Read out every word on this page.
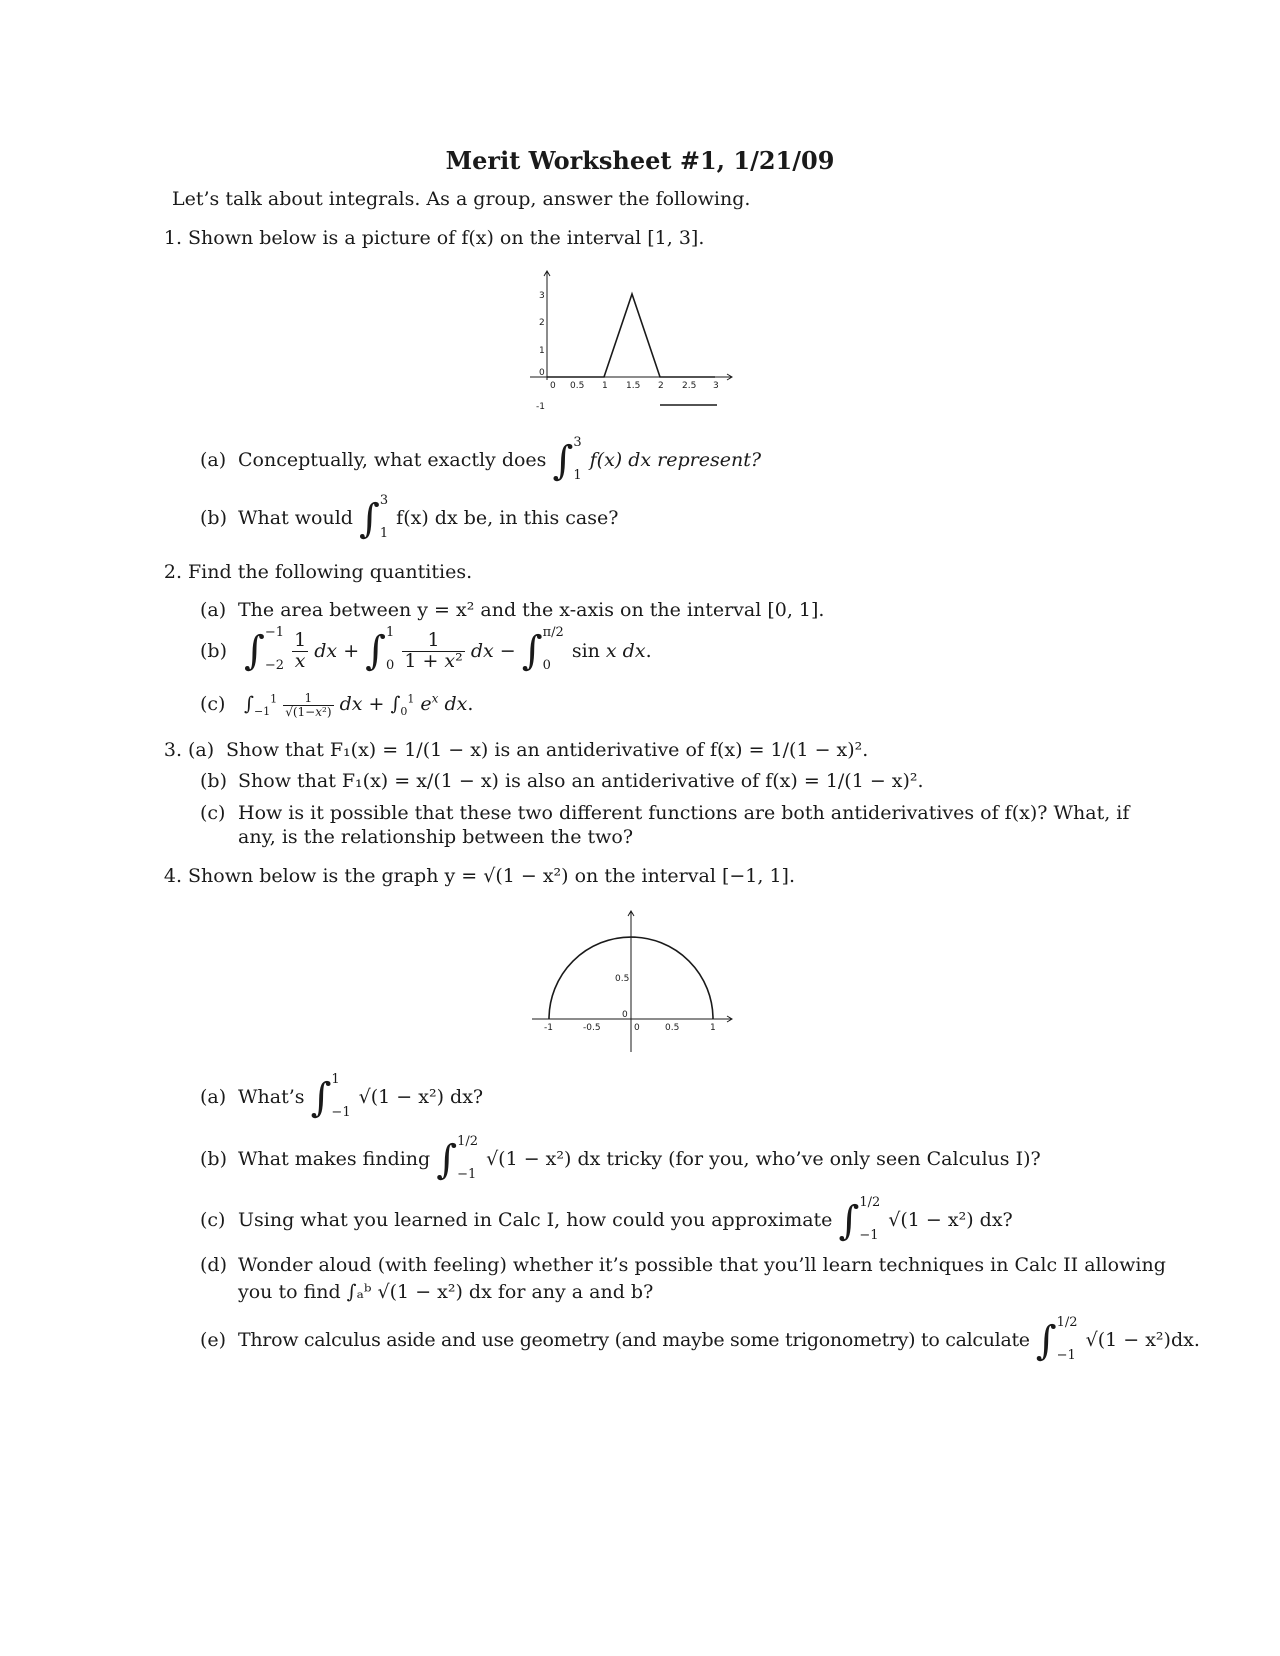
Merit Worksheet #1, 1/21/09
Let’s talk about integrals. As a group, answer the following.
1. Shown below is a picture of f(x) on the interval [1, 3].
0 0.5 1 1.5 2 2.5 3
3
2
1
0
-1
(a) Conceptually, what exactly does ∫ 3
1
f(x) dx represent?
(b) What would ∫ 3
1
f(x) dx be, in this case?
2. Find the following quantities.
(a) The area between y = x² and the x-axis on the interval [0, 1].
(b) ∫ −1
−2
$\frac{1}{x}$ dx + ∫ 1
0
$\frac{1}{\text{1 + x²}}$ dx − ∫ π/2
0
sin x dx.
(c) $\int_{-1}^1 \frac{1}{\text{√(1−x²)}}$ dx + $\int_0^1$ $e^x$ dx.
3. (a) Show that F₁(x) = 1/(1 − x) is an antiderivative of f(x) = 1/(1 − x)².
(b) Show that F₁(x) = x/(1 − x) is also an antiderivative of f(x) = 1/(1 − x)².
(c) How is it possible that these two different functions are both antiderivatives of f(x)? What, if
any, is the relationship between the two?
4. Shown below is the graph y = √(1 − x²) on the interval [−1, 1].
-1	-0.5	0	0.5	1
0.5
0
(a) What’s ∫ 1
−1
√(1 − x²) dx?
(b) What makes finding ∫ 1/2
−1
√(1 − x²) dx tricky (for you, who’ve only seen Calculus I)?
(c) Using what you learned in Calc I, how could you approximate ∫ 1/2
−1
√(1 − x²) dx?
(d) Wonder aloud (with feeling) whether it’s possible that you’ll learn techniques in Calc II allowing
you to find ∫ₐᵇ √(1 − x²) dx for any a and b?
(e) Throw calculus aside and use geometry (and maybe some trigonometry) to calculate ∫ 1/2
−1
√(1 − x²)dx.
